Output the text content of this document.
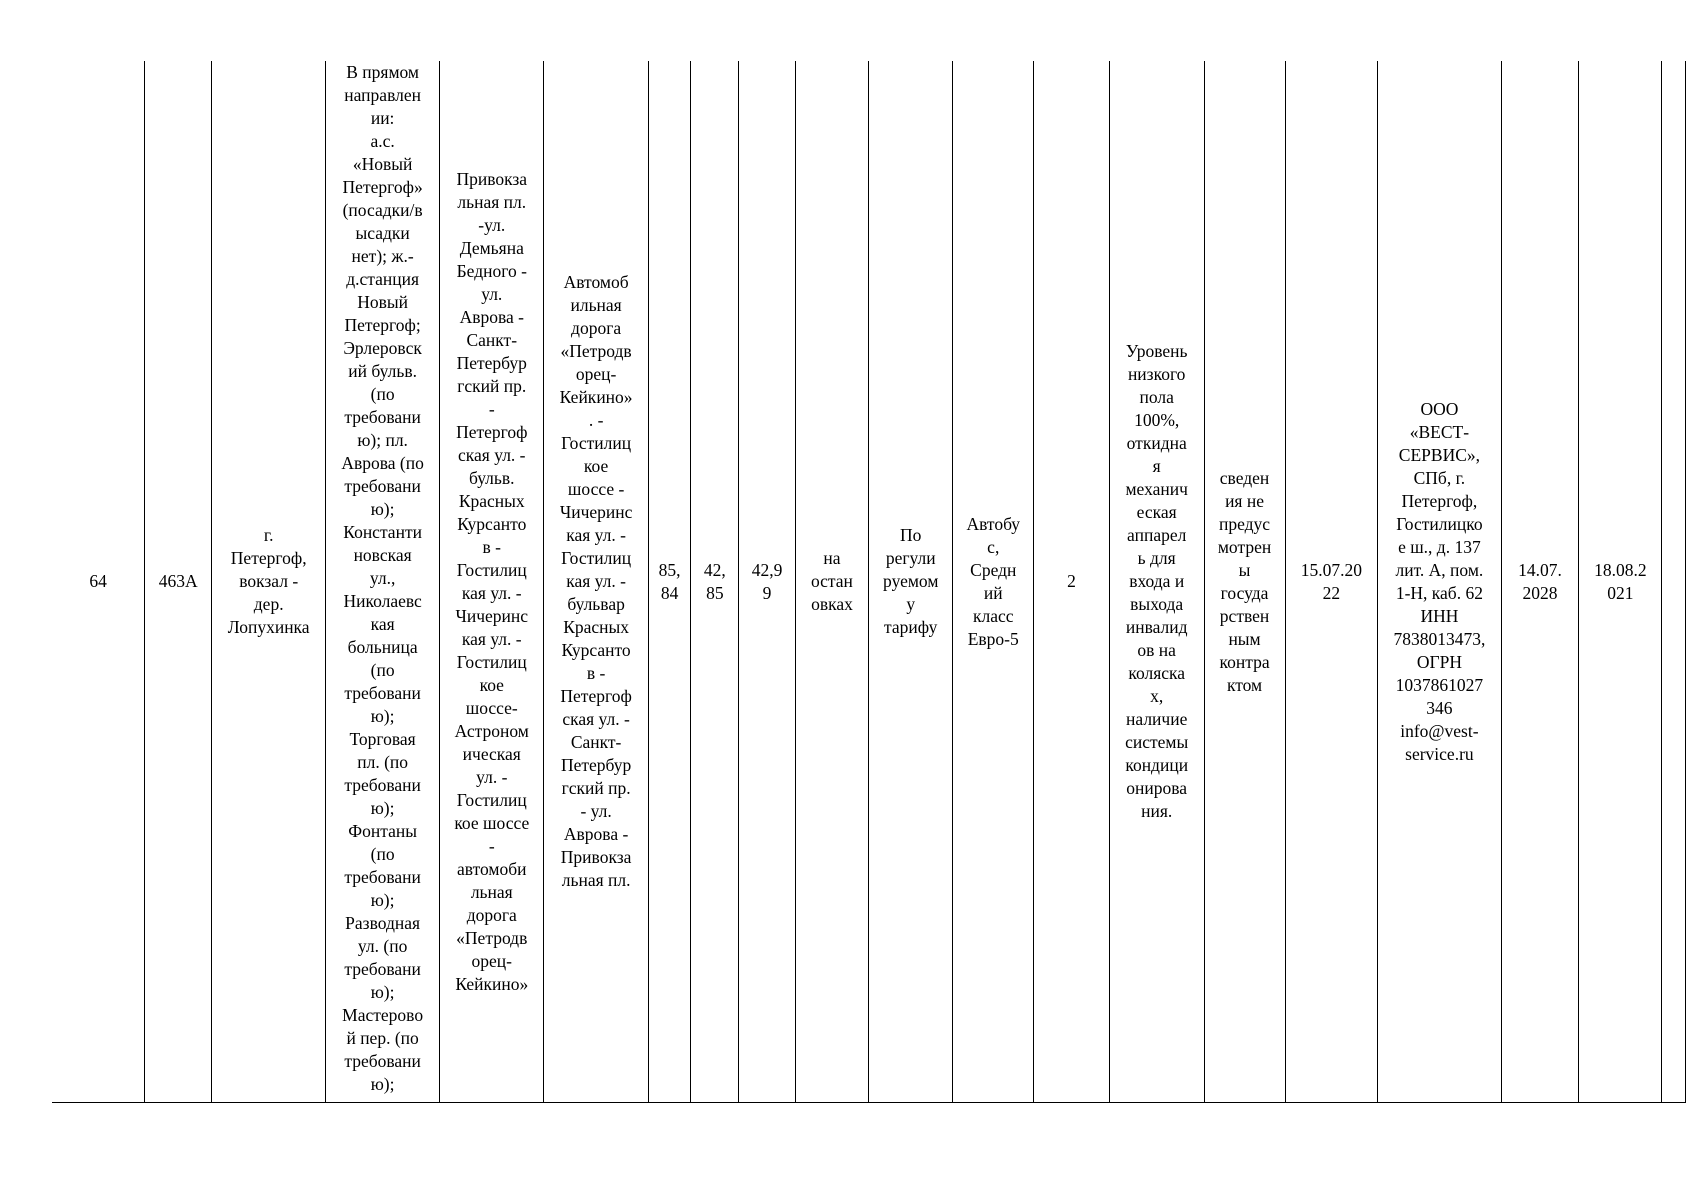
64	463А	г.
Петергоф,
вокзал -
дер.
Лопухинка	В прямом
направлен
ии:
а.с.
«Новый
Петергоф»
(посадки/в
ысадки
нет); ж.-
д.станция
Новый
Петергоф;
Эрлеровск
ий бульв.
(по
требовани
ю); пл.
Аврова (по
требовани
ю);
Константи
новская
ул.,
Николаевс
кая
больница
(по
требовани
ю);
Торговая
пл. (по
требовани
ю);
Фонтаны
(по
требовани
ю);
Разводная
ул. (по
требовани
ю);
Мастерово
й пер. (по
требовани
ю);	Привокза
льная пл.
-ул.
Демьяна
Бедного -
ул.
Аврова -
Санкт-
Петербур
гский пр.
-
Петергоф
ская ул. -
бульв.
Красных
Курсанто
в -
Гостилиц
кая ул. -
Чичеринс
кая ул. -
Гостилиц
кое
шоссе-
Астроном
ическая
ул. -
Гостилиц
кое шоссе
-
автомоби
льная
дорога
«Петродв
орец-
Кейкино»	Автомоб
ильная
дорога
«Петродв
орец-
Кейкино»
. -
Гостилиц
кое
шоссе -
Чичеринс
кая ул. -
Гостилиц
кая ул. -
бульвар
Красных
Курсанто
в -
Петергоф
ская ул. -
Санкт-
Петербур
гский пр.
- ул.
Аврова -
Привокза
льная пл.	85,
84	42,
85	42,9
9	на
остан
овках	По
регули
руемом
у
тарифу	Автобу
с,
Средн
ий
класс
Евро-5	2	Уровень
низкого
пола
100%,
откидна
я
механич
еская
аппарел
ь для
входа и
выхода
инвалид
ов на
коляска
х,
наличие
системы
кондици
онирова
ния.	сведен
ия не
предус
мотрен
ы
госуда
рствен
ным
контра
ктом	15.07.20
22	ООО
«ВЕСТ-
СЕРВИС»,
СПб, г.
Петергоф,
Гостилицко
е ш., д. 137
лит. А, пом.
1-Н, каб. 62
ИНН
7838013473,
ОГРН
1037861027
346
info@vest-
service.ru	14.07.
2028	18.08.2
021	
